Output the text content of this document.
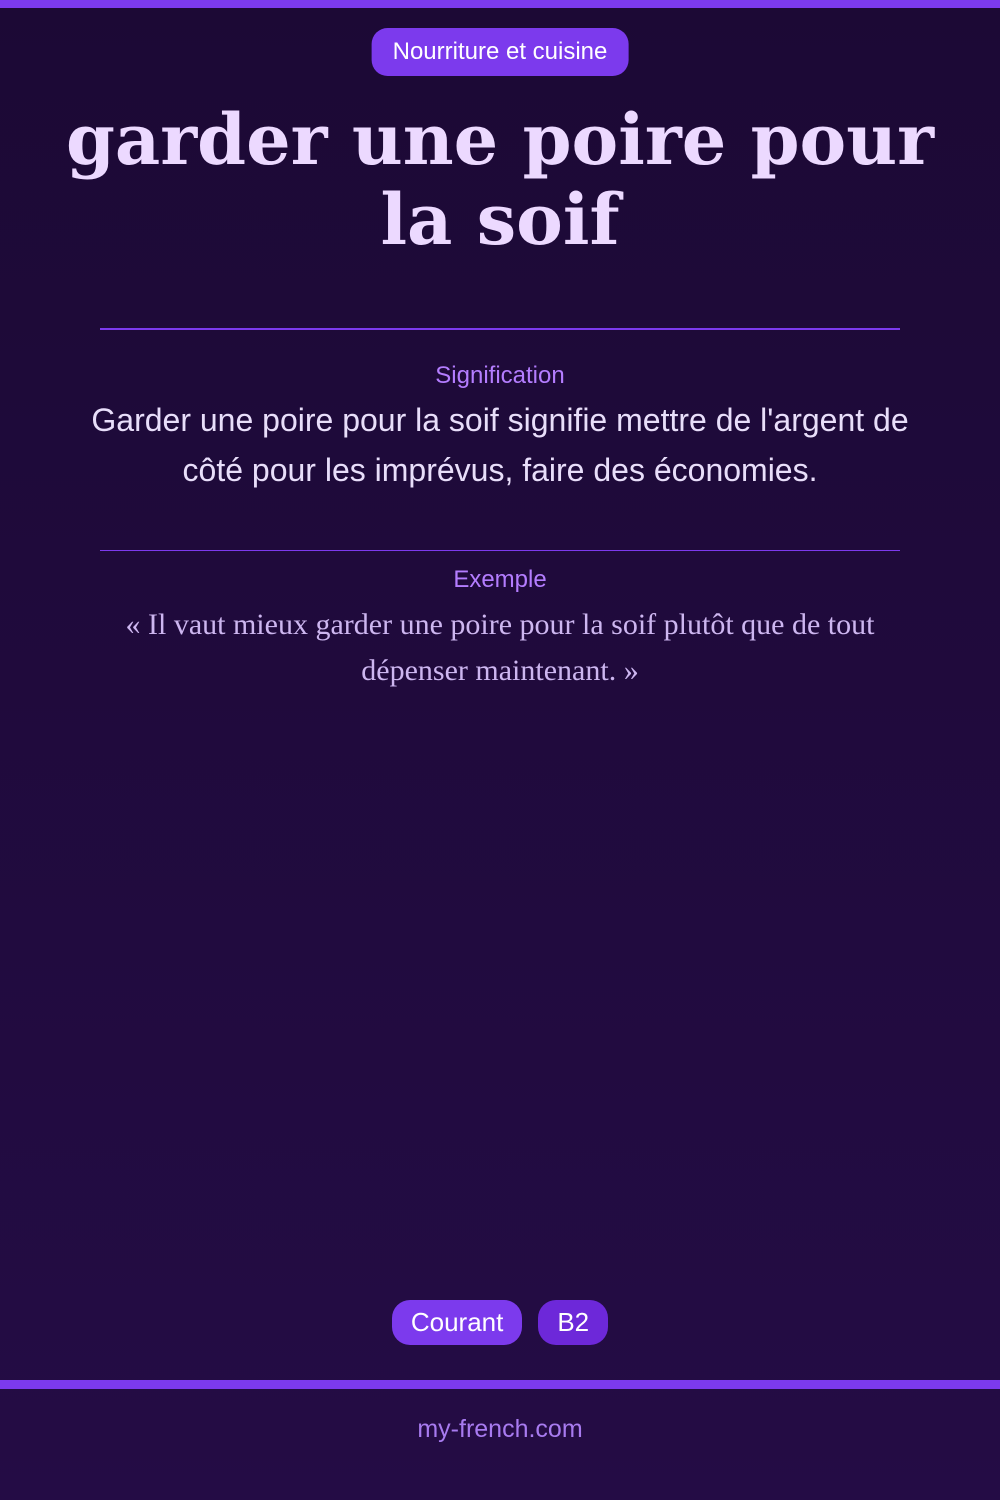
Nourriture et cuisine
garder une poire pour la soif
Signification

Garder une poire pour la soif signifie mettre de l'argent de côté pour les imprévus, faire des économies.

Exemple

« Il vaut mieux garder une poire pour la soif plutôt que de tout dépenser maintenant. »

Courant	B2
my-french.com
